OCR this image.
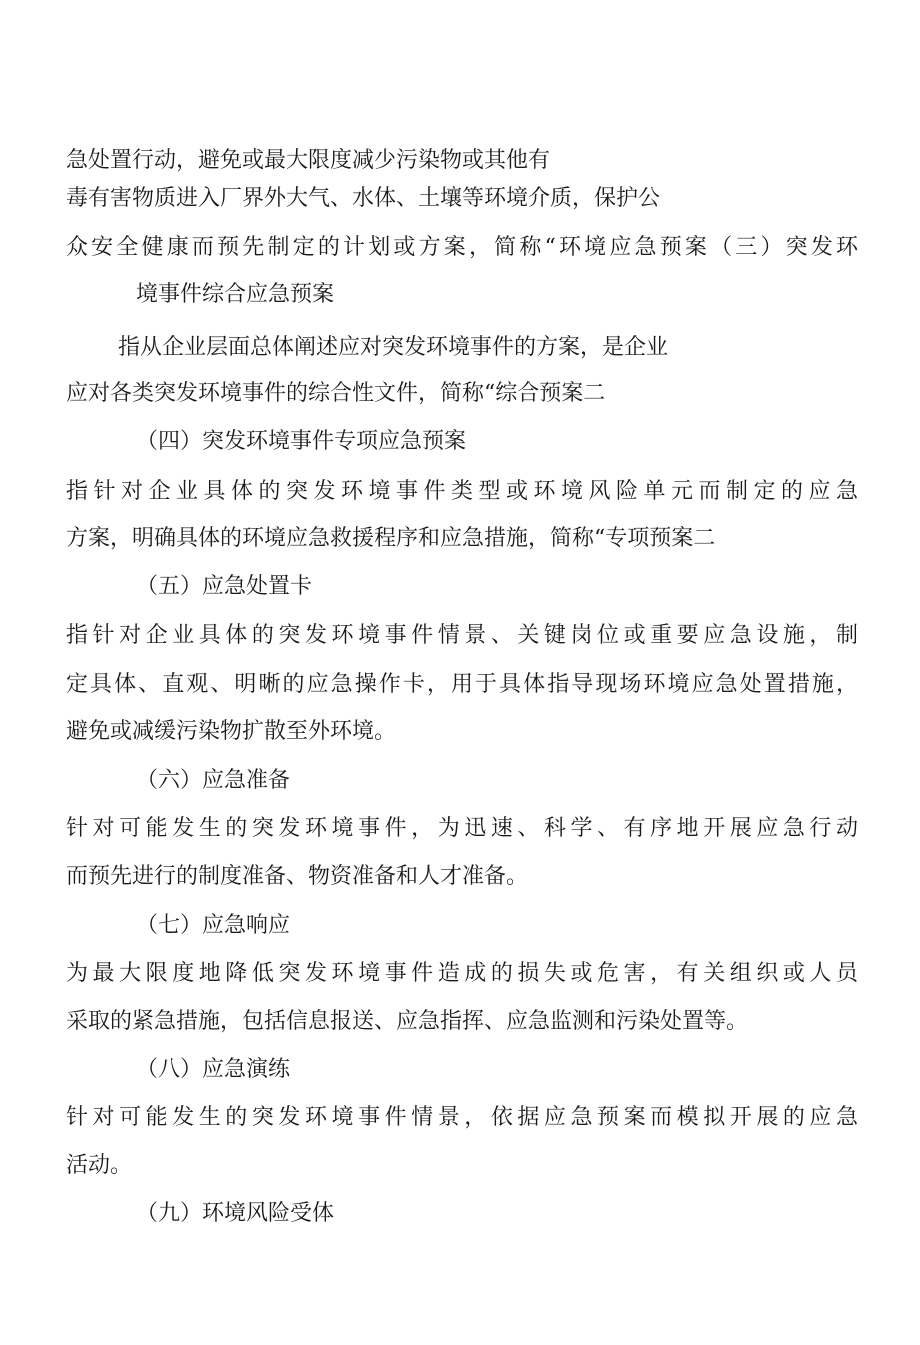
急处置行动，避免或最大限度减少污染物或其他有

毒有害物质进入厂界外大气、水体、土壤等环境介质，保护公

众安全健康而预先制定的计划或方案，简称“环境应急预案（三）突发环

境事件综合应急预案

指从企业层面总体阐述应对突发环境事件的方案，是企业

应对各类突发环境事件的综合性文件，简称“综合预案二

（四）突发环境事件专项应急预案

指针对企业具体的突发环境事件类型或环境风险单元而制定的应急

方案，明确具体的环境应急救援程序和应急措施，简称“专项预案二

（五）应急处置卡

指针对企业具体的突发环境事件情景、关键岗位或重要应急设施，制

定具体、直观、明晰的应急操作卡，用于具体指导现场环境应急处置措施，

避免或减缓污染物扩散至外环境。

（六）应急准备

针对可能发生的突发环境事件，为迅速、科学、有序地开展应急行动

而预先进行的制度准备、物资准备和人才准备。

（七）应急响应

为最大限度地降低突发环境事件造成的损失或危害，有关组织或人员

采取的紧急措施，包括信息报送、应急指挥、应急监测和污染处置等。

（八）应急演练

针对可能发生的突发环境事件情景，依据应急预案而模拟开展的应急

活动。

（九）环境风险受体
